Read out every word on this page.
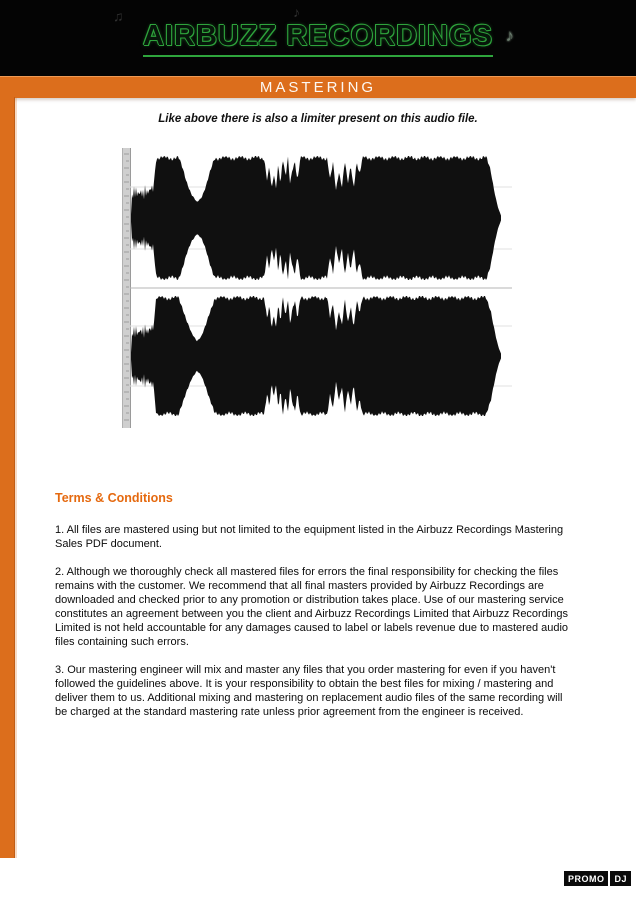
♫	♪
AIRBUZZ RECORDINGS ♪
MASTERING
Like above there is also a limiter present on this audio file.
Terms & Conditions

1. All files are mastered using but not limited to the equipment listed in the Airbuzz Recordings Mastering Sales PDF document.

2. Although we thoroughly check all mastered files for errors the final responsibility for checking the files remains with the customer. We recommend that all final masters provided by Airbuzz Recordings are downloaded and checked prior to any promotion or distribution takes place. Use of our mastering service constitutes an agreement between you the client and Airbuzz Recordings Limited that Airbuzz Recordings Limited is not held accountable for any damages caused to label or labels revenue due to mastered audio files containing such errors.

3. Our mastering engineer will mix and master any files that you order mastering for even if you haven't followed the guidelines above. It is your responsibility to obtain the best files for mixing / mastering and deliver them to us. Additional mixing and mastering on replacement audio files of the same recording will be charged at the standard mastering rate unless prior agreement from the engineer is received.

PROMO	DJ
